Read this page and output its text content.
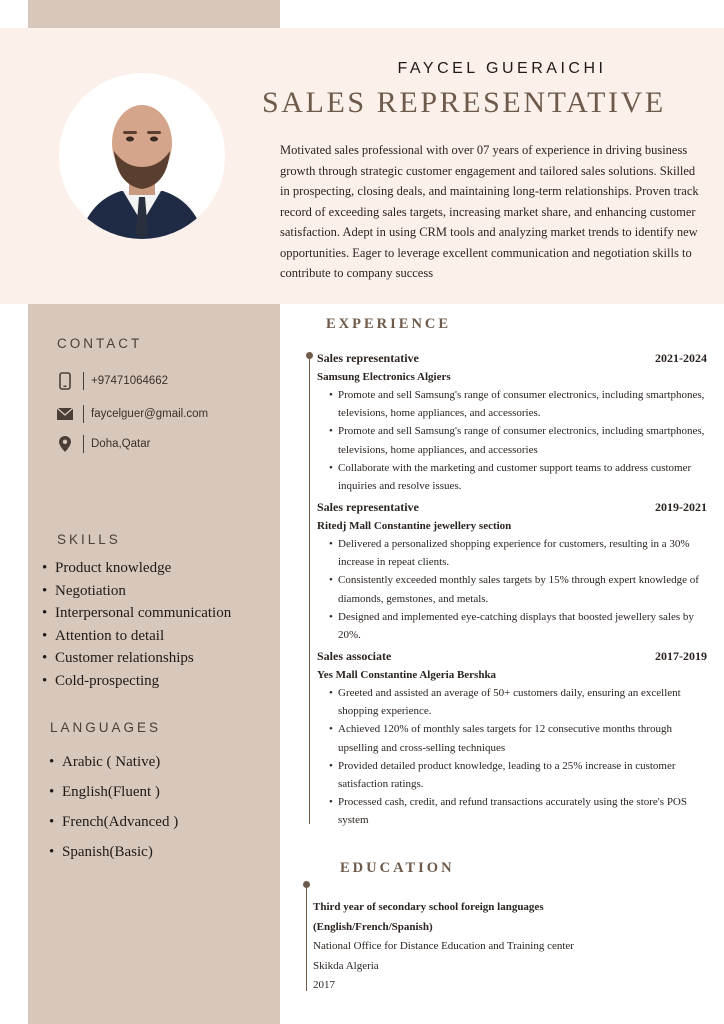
FAYCEL GUERAICHI
SALES REPRESENTATIVE
Motivated sales professional with over 07 years of experience in driving business growth through strategic customer engagement and tailored sales solutions. Skilled in prospecting, closing deals, and maintaining long-term relationships. Proven track record of exceeding sales targets, increasing market share, and enhancing customer satisfaction. Adept in using CRM tools and analyzing market trends to identify new opportunities. Eager to leverage excellent communication and negotiation skills to contribute to company success
CONTACT
+97471064662
faycelguer@gmail.com
Doha,Qatar
SKILLS
• Product knowledge
• Negotiation
• Interpersonal communication
• Attention to detail
• Customer relationships
• Cold-prospecting
LANGUAGES
• Arabic ( Native)
• English(Fluent )
• French(Advanced )
• Spanish(Basic)
EXPERIENCE
Sales representative	2021-2024
Samsung Electronics Algiers
• Promote and sell Samsung's range of consumer electronics, including smartphones, televisions, home appliances, and accessories.
• Promote and sell Samsung's range of consumer electronics, including smartphones, televisions, home appliances, and accessories
• Collaborate with the marketing and customer support teams to address customer inquiries and resolve issues.
Sales representative	2019-2021
Ritedj Mall Constantine jewellery section
• Delivered a personalized shopping experience for customers, resulting in a 30% increase in repeat clients.
• Consistently exceeded monthly sales targets by 15% through expert knowledge of diamonds, gemstones, and metals.
• Designed and implemented eye-catching displays that boosted jewellery sales by 20%.
Sales associate	2017-2019
Yes Mall Constantine Algeria Bershka
• Greeted and assisted an average of 50+ customers daily, ensuring an excellent shopping experience.
• Achieved 120% of monthly sales targets for 12 consecutive months through upselling and cross-selling techniques
• Provided detailed product knowledge, leading to a 25% increase in customer satisfaction ratings.
• Processed cash, credit, and refund transactions accurately using the store's POS system
EDUCATION
Third year of secondary school foreign languages
(English/French/Spanish)
National Office for Distance Education and Training center
Skikda Algeria
2017
